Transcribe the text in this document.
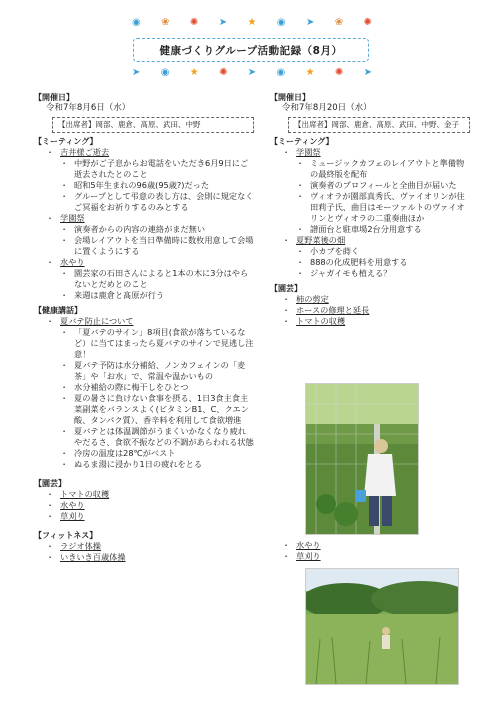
◉ ❀ ✺ ➤ ★ ◉ ➤ ❀ ✺
健康づくりグループ活動記録（8月）
➤ ◉ ★ ✺ ➤ ◉ ★ ✺ ➤
【開催日】
令和7年8月6日（水）
【出席者】岡部、鹿倉、髙原、武田、中野
【ミーティング】
・ 吉井様ご逝去
・ 中野がご子息からお電話をいただき6月9日にご逝去されたとのこと
・ 昭和5年生まれの96歳(95歳?)だった
・ グループとして弔意の表し方は、会則に規定なくご冥福をお祈りするのみとする
・ 学園祭
・ 演奏者からの内容の連絡がまだ無い
・ 会場レイアウトを当日準備時に数枚用意して会場に置くようにする
・ 水やり
・ 園芸家の石田さんによると1本の木に3分はやらないとだめとのこと
・ 来週は鹿倉と髙原が行う
【健康講話】
・ 夏バテ防止について
・ 「夏バテのサイン」8項目(食欲が落ちているなど）に当てはまったら夏バテのサインで見逃し注意！
・ 夏バテ予防は水分補給、ノンカフェインの「麦茶」や「お水」で、常温や温かいもの
・ 水分補給の際に梅干しをひとつ
・ 夏の暑さに負けない食事を摂る、1日3食主食主菜副菜をバランスよく(ビタミンB1、C、クエン酸、タンパク質）、香辛料を利用して食欲増進
・ 夏バテとは体温調節がうまくいかなくなり疲れやだるさ、食欲不振などの不調があらわれる状態
・ 冷房の温度は28℃がベスト
・ ぬるま湯に浸かり1日の疲れをとる
【園芸】
・ トマトの収穫
・ 水やり
・ 草刈り
【フィットネス】
・ ラジオ体操
・ いきいき百歳体操
【開催日】
令和7年8月20日（水）
【出席者】岡部、鹿倉、髙原、武田、中野、金子
【ミーティング】
・ 学園祭
・ ミュージックカフェのレイアウトと準備物の最終版を配布
・ 演奏者のプロフィールと全曲目が届いた
・ ヴィオラが園部真秀氏、ヴァイオリンが住田莉子氏、曲目はモーツァルトのヴァイオリンとヴィオラの二重奏曲ほか
・ 譜面台と駐車場2台分用意する
・ 夏野菜後の畑
・ 小カブを蒔く
・ 888の化成肥料を用意する
・ ジャガイモも植える？
【園芸】
・ 柿の剪定
・ ホースの修理と延長
・ トマトの収穫
・ 水やり
・ 草刈り
